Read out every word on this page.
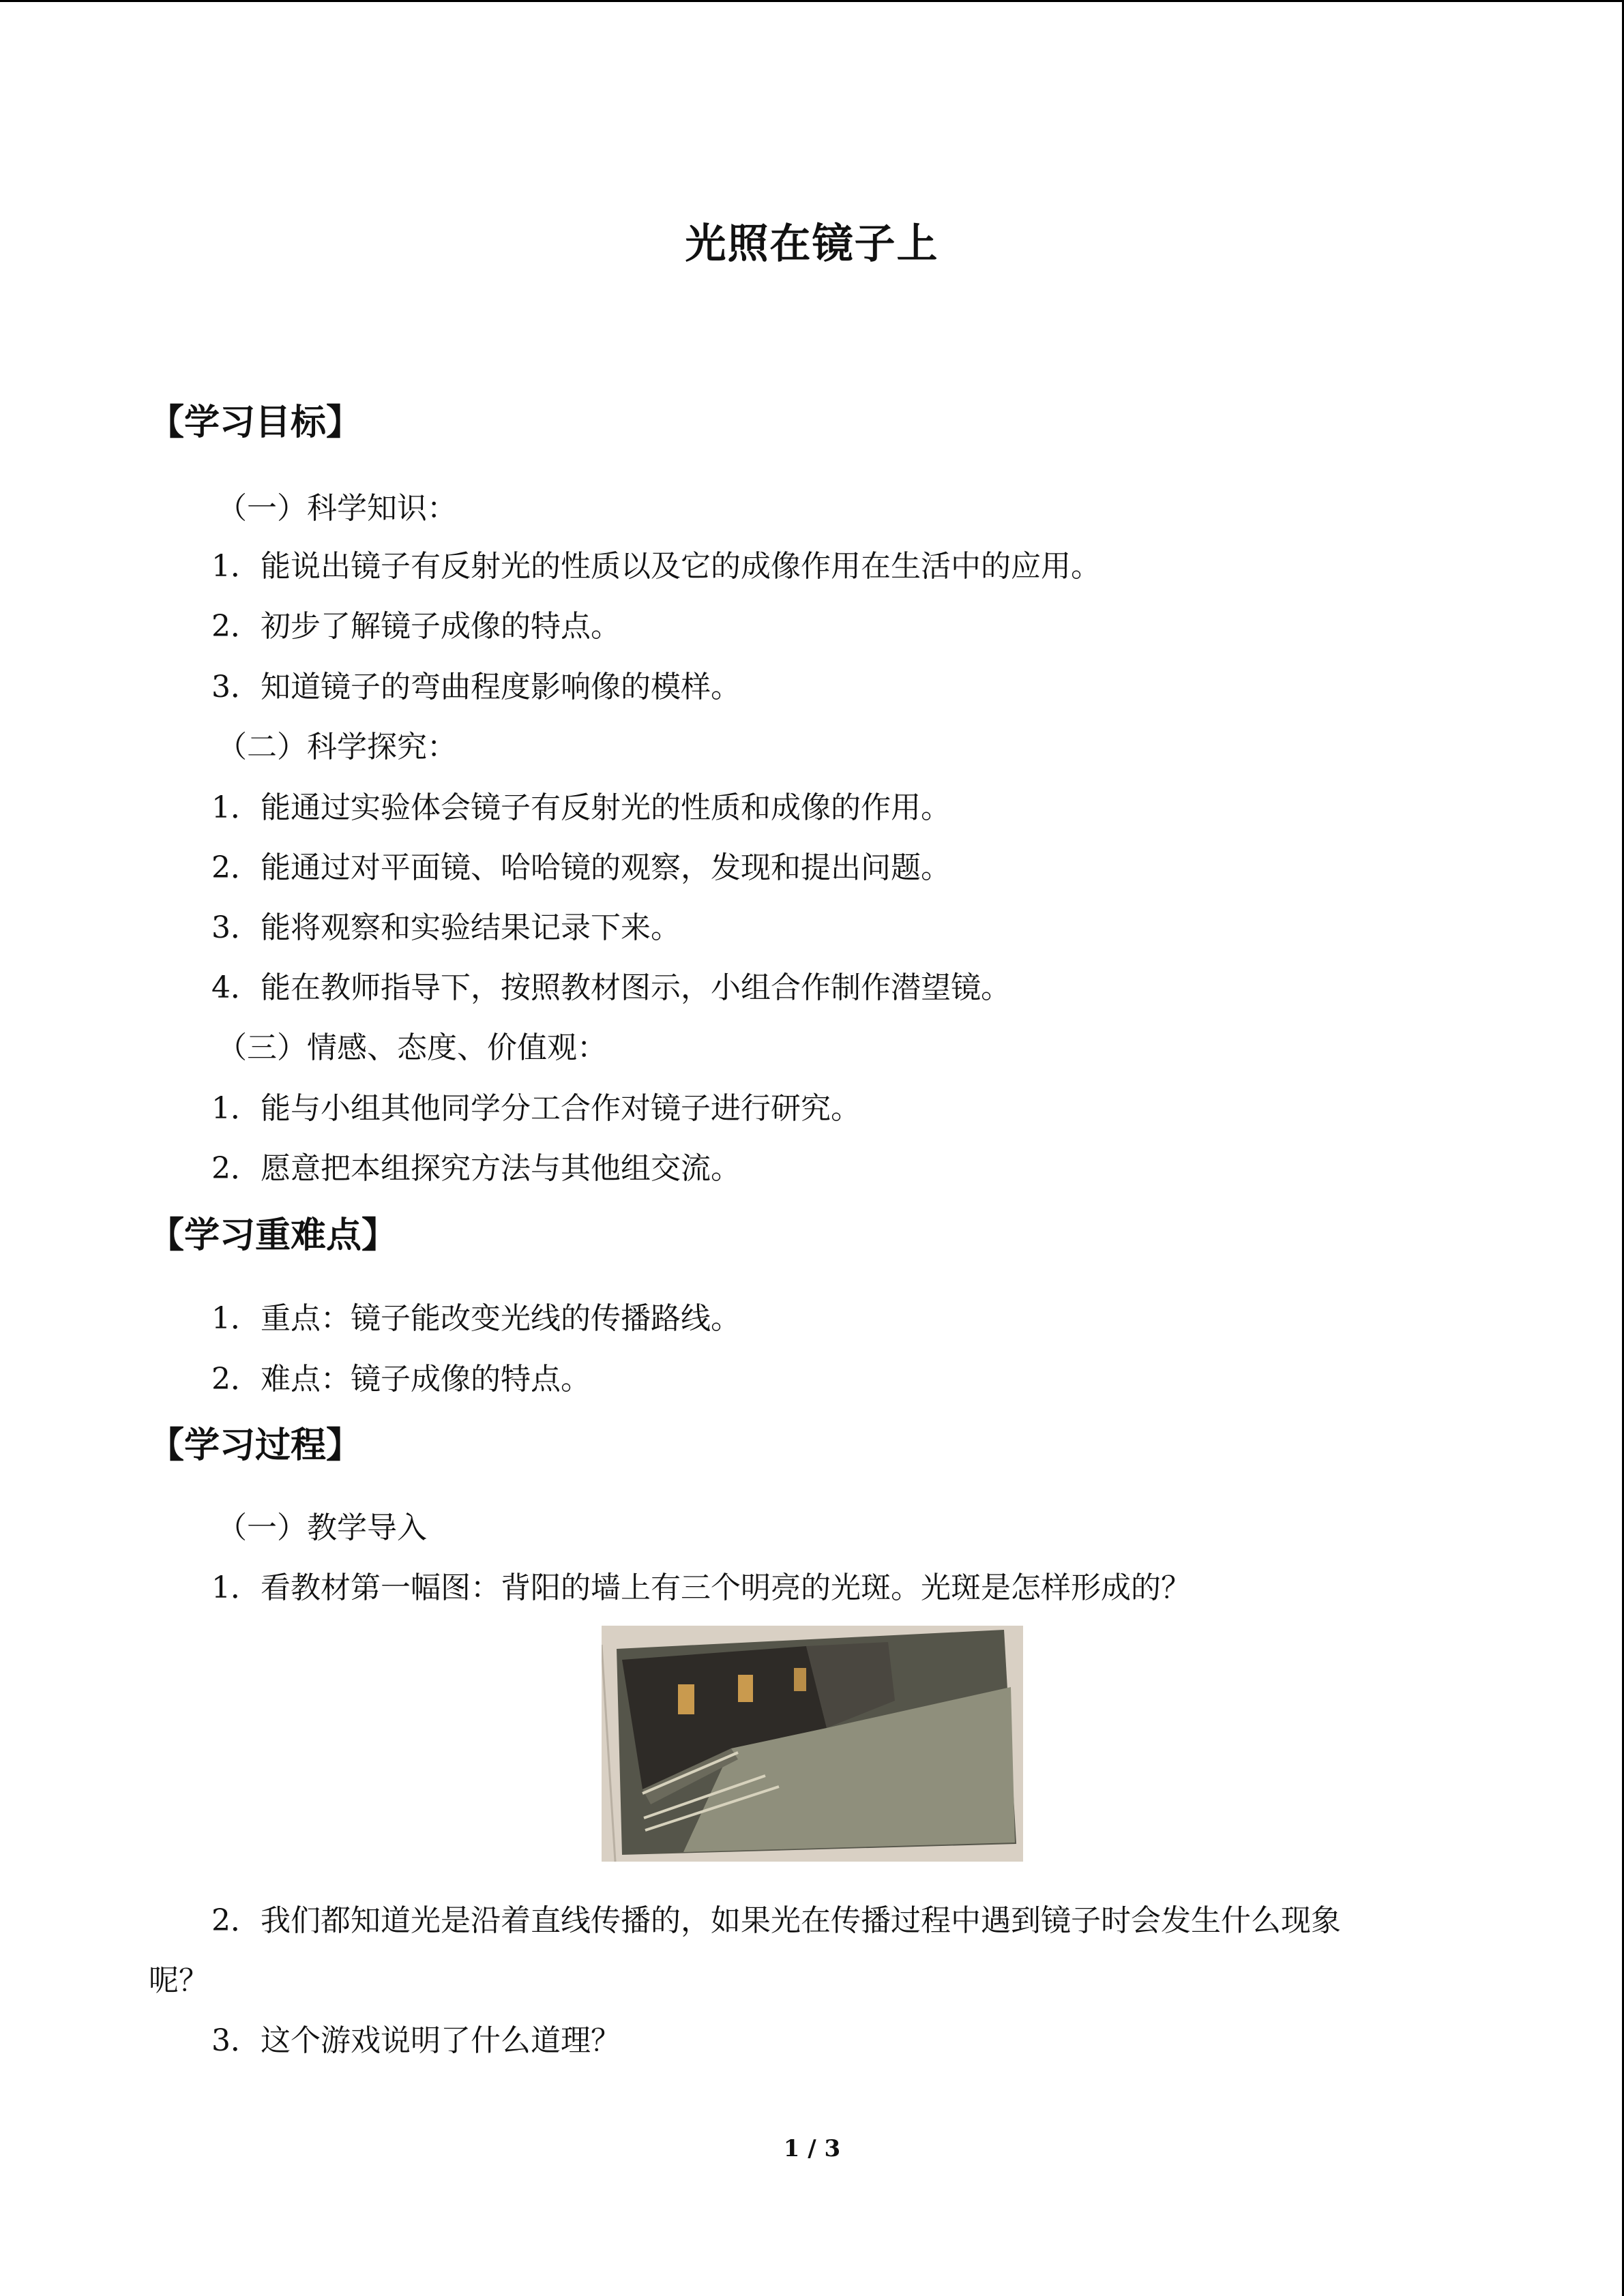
光照在镜子上
【学习目标】
（一）科学知识：
1．能说出镜子有反射光的性质以及它的成像作用在生活中的应用。
2．初步了解镜子成像的特点。
3．知道镜子的弯曲程度影响像的模样。
（二）科学探究：
1．能通过实验体会镜子有反射光的性质和成像的作用。
2．能通过对平面镜、哈哈镜的观察，发现和提出问题。
3．能将观察和实验结果记录下来。
4．能在教师指导下，按照教材图示，小组合作制作潜望镜。
（三）情感、态度、价值观：
1．能与小组其他同学分工合作对镜子进行研究。
2．愿意把本组探究方法与其他组交流。
【学习重难点】
1．重点：镜子能改变光线的传播路线。
2．难点：镜子成像的特点。
【学习过程】
（一）教学导入
1．看教材第一幅图：背阳的墙上有三个明亮的光斑。光斑是怎样形成的？
2．我们都知道光是沿着直线传播的，如果光在传播过程中遇到镜子时会发生什么现象
呢？
3．这个游戏说明了什么道理？
1 / 3
